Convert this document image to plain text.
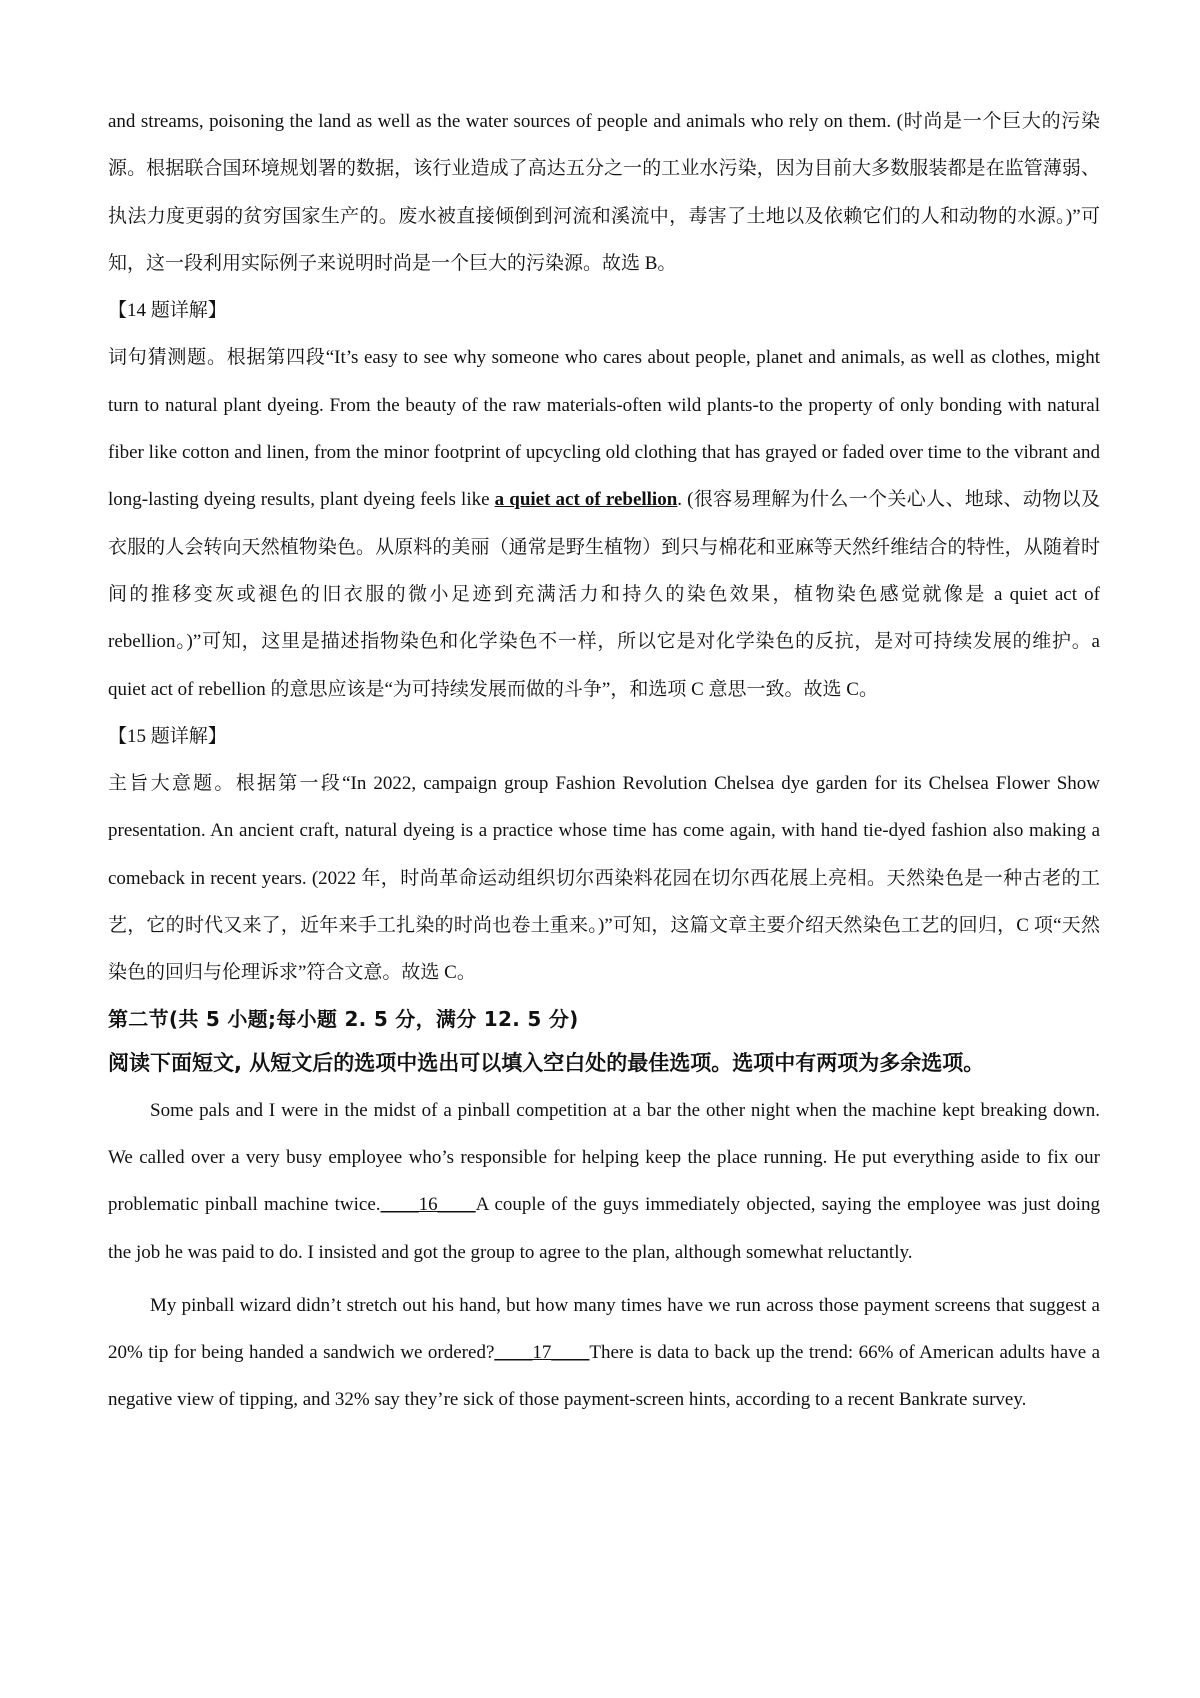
and streams, poisoning the land as well as the water sources of people and animals who rely on them. (时尚是一个巨大的污染源。根据联合国环境规划署的数据，该行业造成了高达五分之一的工业水污染，因为目前大多数服装都是在监管薄弱、执法力度更弱的贫穷国家生产的。废水被直接倾倒到河流和溪流中，毒害了土地以及依赖它们的人和动物的水源。)”可知，这一段利用实际例子来说明时尚是一个巨大的污染源。故选 B。

【14 题详解】

词句猜测题。根据第四段“It’s easy to see why someone who cares about people, planet and animals, as well as clothes, might turn to natural plant dyeing. From the beauty of the raw materials-often wild plants-to the property of only bonding with natural fiber like cotton and linen, from the minor footprint of upcycling old clothing that has grayed or faded over time to the vibrant and long-lasting dyeing results, plant dyeing feels like a quiet act of rebellion. (很容易理解为什么一个关心人、地球、动物以及衣服的人会转向天然植物染色。从原料的美丽（通常是野生植物）到只与棉花和亚麻等天然纤维结合的特性，从随着时间的推移变灰或褪色的旧衣服的微小足迹到充满活力和持久的染色效果，植物染色感觉就像是 a quiet act of rebellion。)”可知，这里是描述指物染色和化学染色不一样，所以它是对化学染色的反抗，是对可持续发展的维护。a quiet act of rebellion 的意思应该是“为可持续发展而做的斗争”，和选项 C 意思一致。故选 C。

【15 题详解】

主旨大意题。根据第一段“In 2022, campaign group Fashion Revolution Chelsea dye garden for its Chelsea Flower Show presentation. An ancient craft, natural dyeing is a practice whose time has come again, with hand tie-dyed fashion also making a comeback in recent years. (2022 年，时尚革命运动组织切尔西染料花园在切尔西花展上亮相。天然染色是一种古老的工艺，它的时代又来了，近年来手工扎染的时尚也卷土重来。)”可知，这篇文章主要介绍天然染色工艺的回归，C 项“天然染色的回归与伦理诉求”符合文意。故选 C。

第二节(共 5 小题;每小题 2. 5 分，满分 12. 5 分)

阅读下面短文, 从短文后的选项中选出可以填入空白处的最佳选项。选项中有两项为多余选项。

Some pals and I were in the midst of a pinball competition at a bar the other night when the machine kept breaking down. We called over a very busy employee who’s responsible for helping keep the place running. He put everything aside to fix our problematic pinball machine twice.____16____A couple of the guys immediately objected, saying the employee was just doing the job he was paid to do. I insisted and got the group to agree to the plan, although somewhat reluctantly.

My pinball wizard didn’t stretch out his hand, but how many times have we run across those payment screens that suggest a 20% tip for being handed a sandwich we ordered?____17____There is data to back up the trend: 66% of American adults have a negative view of tipping, and 32% say they’re sick of those payment-screen hints, according to a recent Bankrate survey.
